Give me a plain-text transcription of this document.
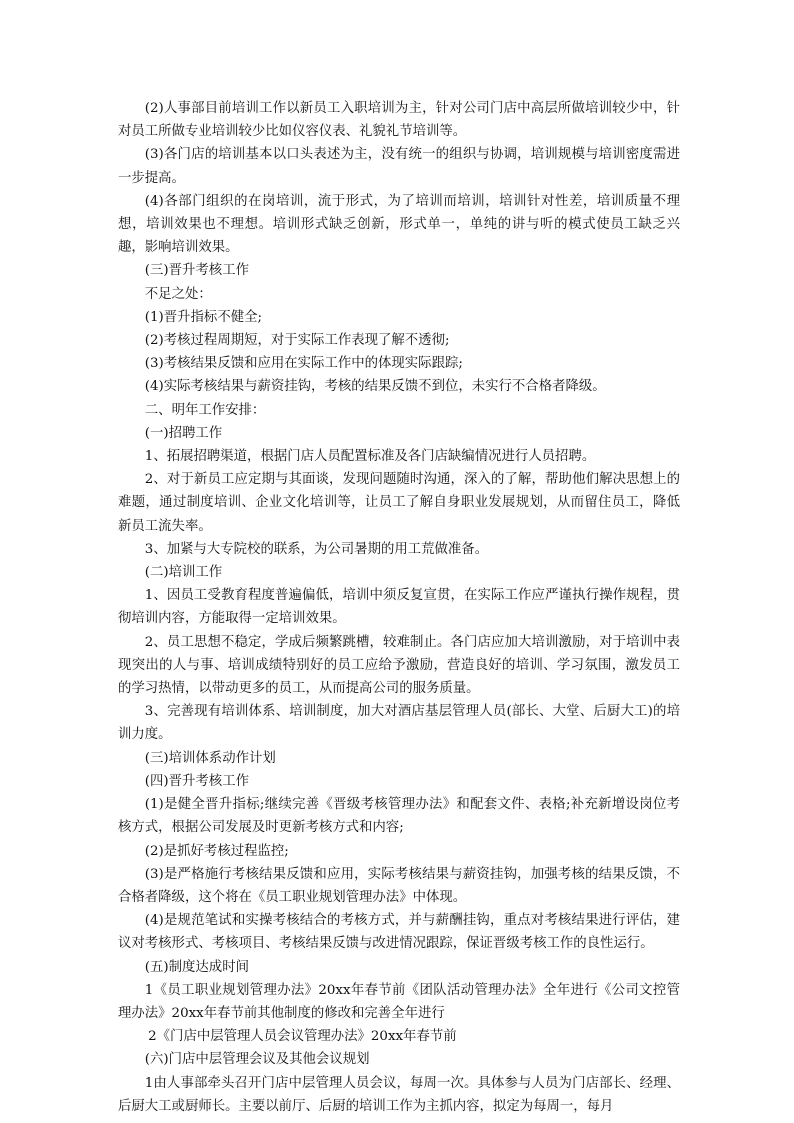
(2)人事部目前培训工作以新员工入职培训为主，针对公司门店中高层所做培训较少中，针对员工所做专业培训较少比如仪容仪表、礼貌礼节培训等。

(3)各门店的培训基本以口头表述为主，没有统一的组织与协调，培训规模与培训密度需进一步提高。

(4)各部门组织的在岗培训，流于形式，为了培训而培训，培训针对性差，培训质量不理想，培训效果也不理想。培训形式缺乏创新，形式单一，单纯的讲与听的模式使员工缺乏兴趣，影响培训效果。

(三)晋升考核工作

不足之处：

(1)晋升指标不健全;

(2)考核过程周期短，对于实际工作表现了解不透彻;

(3)考核结果反馈和应用在实际工作中的体现实际跟踪;

(4)实际考核结果与薪资挂钩，考核的结果反馈不到位，未实行不合格者降级。

二、明年工作安排：

(一)招聘工作

1、拓展招聘渠道，根据门店人员配置标准及各门店缺编情况进行人员招聘。

2、对于新员工应定期与其面谈，发现问题随时沟通，深入的了解，帮助他们解决思想上的难题，通过制度培训、企业文化培训等，让员工了解自身职业发展规划，从而留住员工，降低新员工流失率。

3、加紧与大专院校的联系，为公司暑期的用工荒做准备。

(二)培训工作

1、因员工受教育程度普遍偏低，培训中须反复宣贯，在实际工作应严谨执行操作规程，贯彻培训内容，方能取得一定培训效果。

2、员工思想不稳定，学成后频繁跳槽，较难制止。各门店应加大培训激励，对于培训中表现突出的人与事、培训成绩特别好的员工应给予激励，营造良好的培训、学习氛围，激发员工的学习热情，以带动更多的员工，从而提高公司的服务质量。

3、完善现有培训体系、培训制度，加大对酒店基层管理人员(部长、大堂、后厨大工)的培训力度。

(三)培训体系动作计划

(四)晋升考核工作

(1)是健全晋升指标;继续完善《晋级考核管理办法》和配套文件、表格;补充新增设岗位考核方式，根据公司发展及时更新考核方式和内容;

(2)是抓好考核过程监控;

(3)是严格施行考核结果反馈和应用，实际考核结果与薪资挂钩，加强考核的结果反馈，不合格者降级，这个将在《员工职业规划管理办法》中体现。

(4)是规范笔试和实操考核结合的考核方式，并与薪酬挂钩，重点对考核结果进行评估，建议对考核形式、考核项目、考核结果反馈与改进情况跟踪，保证晋级考核工作的良性运行。

(五)制度达成时间

1《员工职业规划管理办法》20xx年春节前《团队活动管理办法》全年进行《公司文控管理办法》20xx年春节前其他制度的修改和完善全年进行

2《门店中层管理人员会议管理办法》20xx年春节前

(六)门店中层管理会议及其他会议规划

1由人事部牵头召开门店中层管理人员会议，每周一次。具体参与人员为门店部长、经理、后厨大工或厨师长。主要以前厅、后厨的培训工作为主抓内容，拟定为每周一，每月
